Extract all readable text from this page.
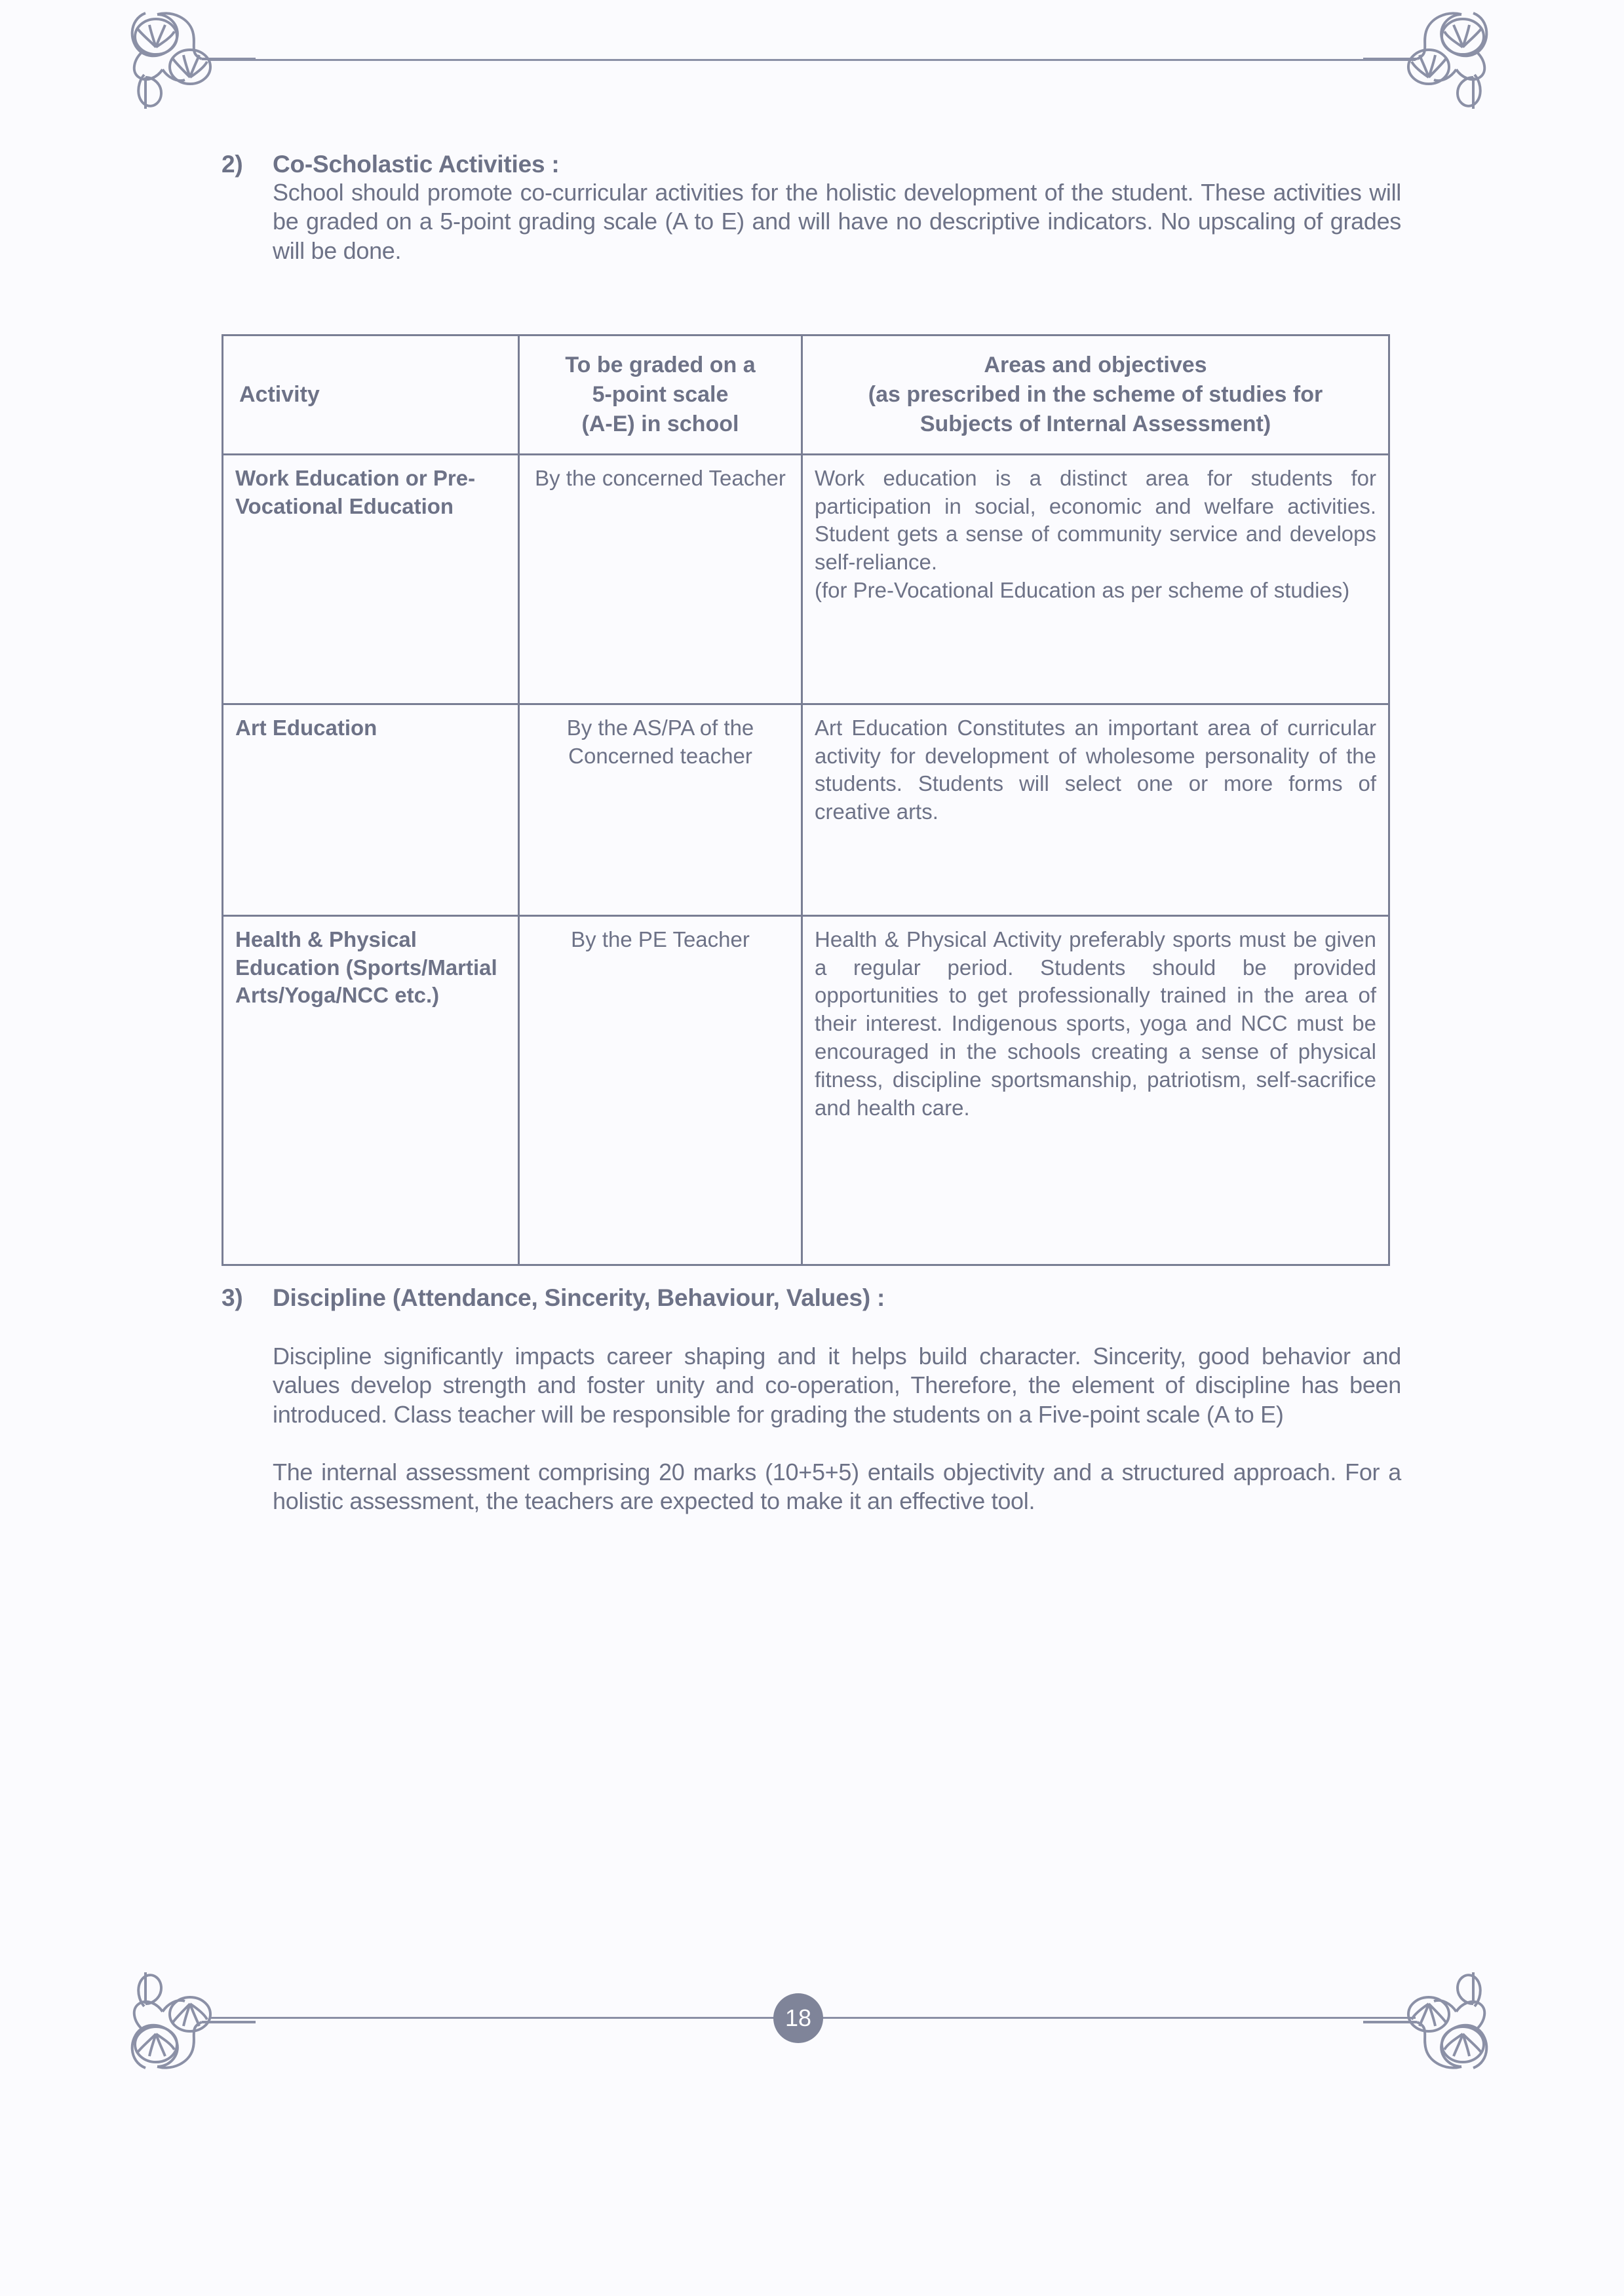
2)	Co-Scholastic Activities :

School should promote co-curricular activities for the holistic development of the student. These activities will be graded on a 5-point grading scale (A to E) and will have no descriptive indicators. No upscaling of grades will be done.

Activity	To be graded on a
5-point scale
(A-E) in school	Areas and objectives
(as prescribed in the scheme of studies for
Subjects of Internal Assessment)
Work Education or Pre-Vocational Education	By the concerned Teacher	Work education is a distinct area for students for participation in social, economic and welfare activities. Student gets a sense of community service and develops self-reliance.
(for Pre-Vocational Education as per scheme of studies)

Art Education	By the AS/PA of the Concerned teacher	Art Education Constitutes an important area of curricular activity for development of wholesome personality of the students. Students will select one or more forms of creative arts.
Health & Physical Education (Sports/Martial Arts/Yoga/NCC etc.)	By the PE Teacher	Health & Physical Activity preferably sports must be given a regular period. Students should be provided opportunities to get professionally trained in the area of their interest. Indigenous sports, yoga and NCC must be encouraged in the schools creating a sense of physical fitness, discipline sportsmanship, patriotism, self-sacrifice and health care.
3)	Discipline (Attendance, Sincerity, Behaviour, Values) :

Discipline significantly impacts career shaping and it helps build character. Sincerity, good behavior and values develop strength and foster unity and co-operation, Therefore, the element of discipline has been introduced. Class teacher will be responsible for grading the students on a Five-point scale (A to E)

The internal assessment comprising 20 marks (10+5+5) entails objectivity and a structured approach. For a holistic assessment, the teachers are expected to make it an effective tool.

18
